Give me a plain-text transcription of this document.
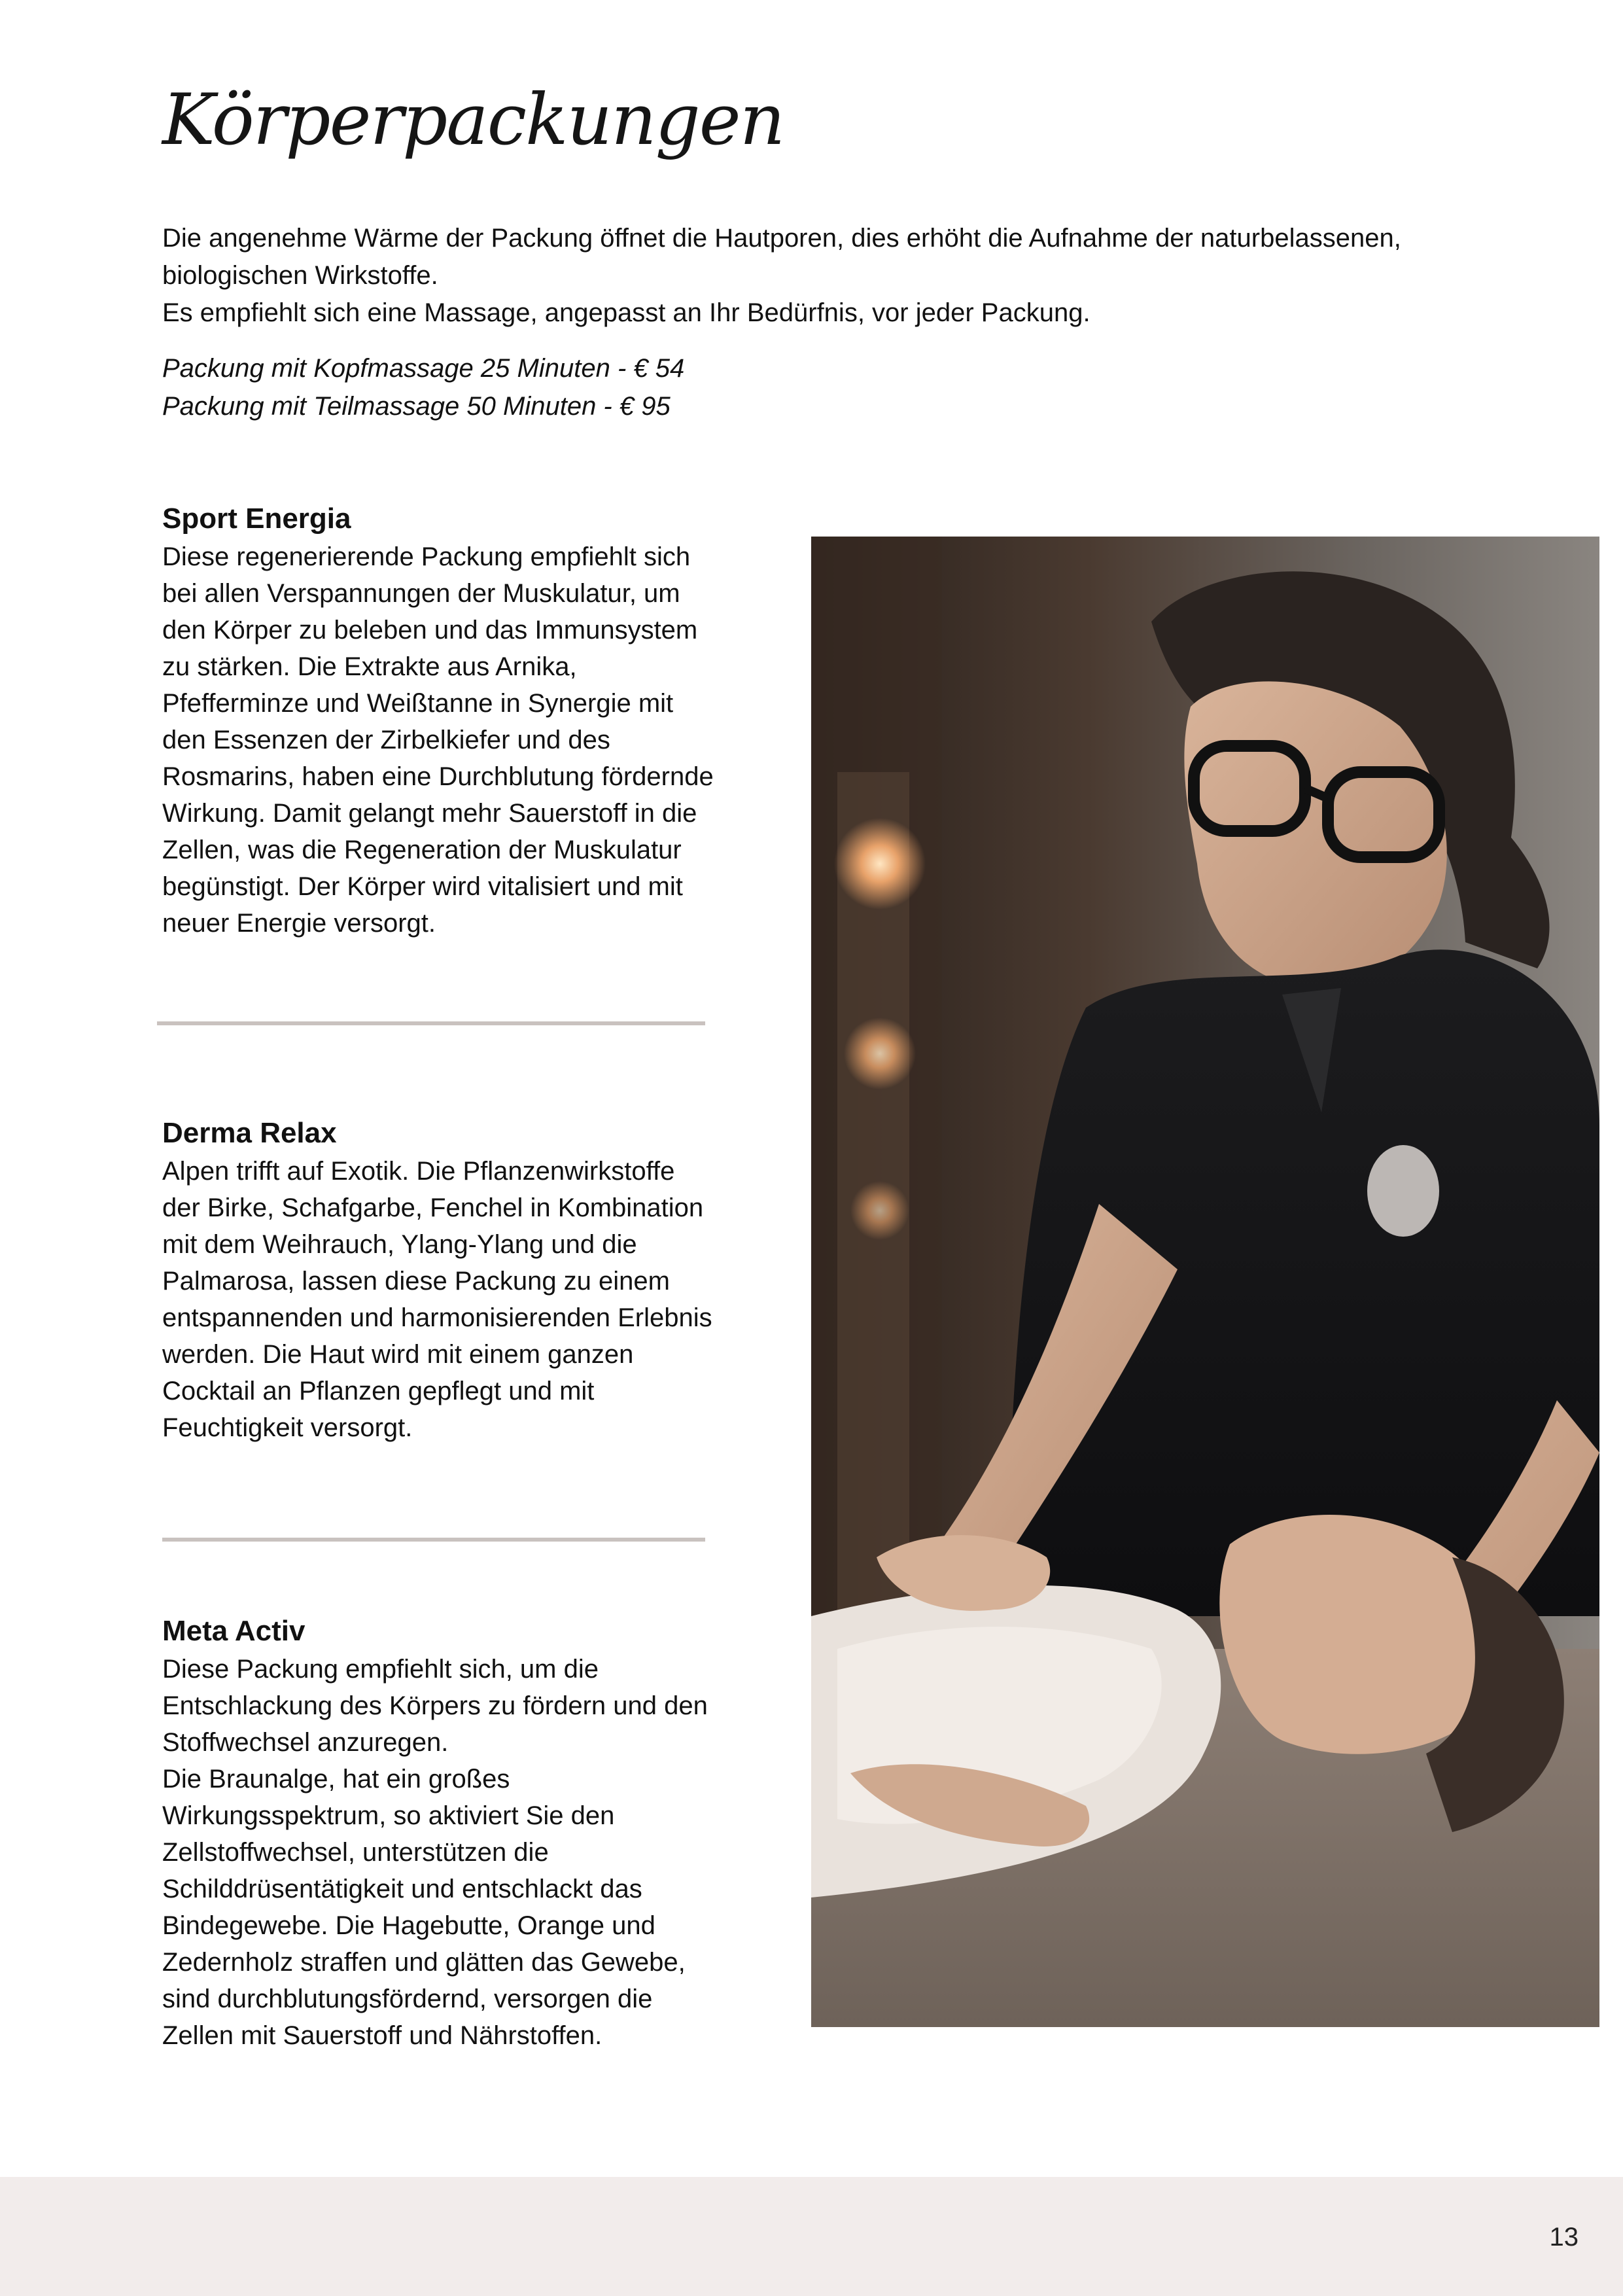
Körperpackungen

Die angenehme Wärme der Packung öffnet die Hautporen, dies erhöht die Aufnahme der naturbelassenen, biologischen Wirkstoffe.

Es empfiehlt sich eine Massage, angepasst an Ihr Bedürfnis, vor jeder Packung.

Packung mit Kopfmassage 25 Minuten - € 54

Packung mit Teilmassage 50 Minuten - € 95

Sport Energia

Diese regenerierende Packung empfiehlt sich bei allen Verspannungen der Muskulatur, um den Körper zu beleben und das Immunsystem zu stärken. Die Extrakte aus Arnika, Pfefferminze und Weißtanne in Synergie mit den Essenzen der Zirbelkiefer und des Rosmarins, haben eine Durchblutung fördernde Wirkung. Damit gelangt mehr Sauerstoff in die Zellen, was die Regeneration der Muskulatur begünstigt. Der Körper wird vitalisiert und mit neuer Energie versorgt.

Derma Relax

Alpen trifft auf Exotik. Die Pflanzenwirkstoffe der Birke, Schafgarbe, Fenchel in Kombination mit dem Weihrauch, Ylang-Ylang und die Palmarosa, lassen diese Packung zu einem entspannenden und harmonisierenden Erlebnis werden. Die Haut wird mit einem ganzen Cocktail an Pflanzen gepflegt und mit Feuchtigkeit versorgt.

Meta Activ

Diese Packung empfiehlt sich, um die Entschlackung des Körpers zu fördern und den Stoffwechsel anzuregen.

Die Braunalge, hat ein großes Wirkungsspektrum, so aktiviert Sie den Zellstoffwechsel, unterstützen die Schilddrüsentätigkeit und entschlackt das Bindegewebe. Die Hagebutte, Orange und Zedernholz straffen und glätten das Gewebe, sind durchblutungsfördernd, versorgen die Zellen mit Sauerstoff und Nährstoffen.

13
